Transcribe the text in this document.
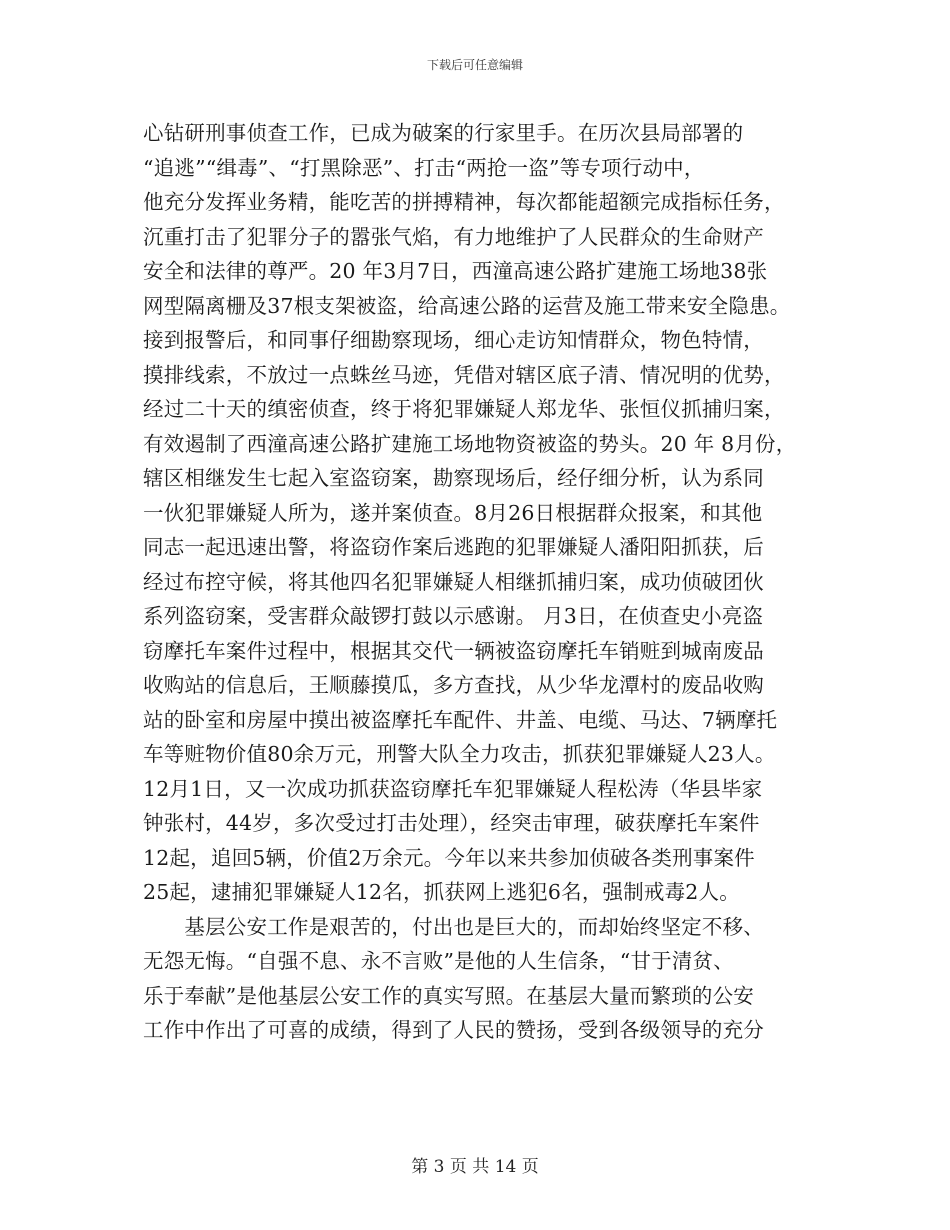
下载后可任意编辑
心钻研刑事侦查工作，已成为破案的行家里手。在历次县局部署的
“追逃”“缉毒”、“打黑除恶”、打击“两抢一盗”等专项行动中，
他充分发挥业务精，能吃苦的拼搏精神，每次都能超额完成指标任务，
沉重打击了犯罪分子的嚣张气焰，有力地维护了人民群众的生命财产
安全和法律的尊严。20 年3月7日，西潼高速公路扩建施工场地38张
网型隔离栅及37根支架被盗，给高速公路的运营及施工带来安全隐患。
接到报警后，和同事仔细勘察现场，细心走访知情群众，物色特情，
摸排线索，不放过一点蛛丝马迹，凭借对辖区底子清、情况明的优势，
经过二十天的缜密侦查，终于将犯罪嫌疑人郑龙华、张恒仪抓捕归案，
有效遏制了西潼高速公路扩建施工场地物资被盗的势头。20 年 8月份，
辖区相继发生七起入室盗窃案，勘察现场后，经仔细分析，认为系同
一伙犯罪嫌疑人所为，遂并案侦查。8月26日根据群众报案，和其他
同志一起迅速出警，将盗窃作案后逃跑的犯罪嫌疑人潘阳阳抓获，后
经过布控守候，将其他四名犯罪嫌疑人相继抓捕归案，成功侦破团伙
系列盗窃案，受害群众敲锣打鼓以示感谢。 月3日，在侦查史小亮盗
窃摩托车案件过程中，根据其交代一辆被盗窃摩托车销赃到城南废品
收购站的信息后，王顺藤摸瓜，多方查找，从少华龙潭村的废品收购
站的卧室和房屋中摸出被盗摩托车配件、井盖、电缆、马达、7辆摩托
车等赃物价值80余万元，刑警大队全力攻击，抓获犯罪嫌疑人23人。
12月1日，又一次成功抓获盗窃摩托车犯罪嫌疑人程松涛（华县毕家
钟张村，44岁，多次受过打击处理），经突击审理，破获摩托车案件
12起，追回5辆，价值2万余元。今年以来共参加侦破各类刑事案件
25起，逮捕犯罪嫌疑人12名，抓获网上逃犯6名，强制戒毒2人。
　　基层公安工作是艰苦的，付出也是巨大的，而却始终坚定不移、
无怨无悔。“自强不息、永不言败”是他的人生信条，“甘于清贫、
乐于奉献”是他基层公安工作的真实写照。在基层大量而繁琐的公安
工作中作出了可喜的成绩，得到了人民的赞扬，受到各级领导的充分
第 3 页 共 14 页
